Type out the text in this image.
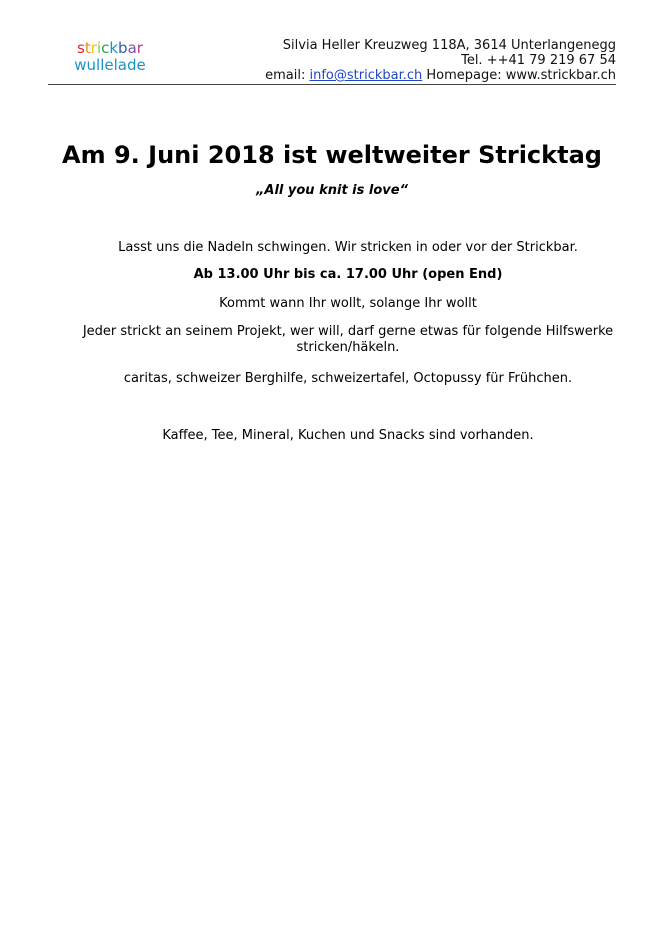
strickbar
wullelade
Silvia Heller Kreuzweg 118A, 3614 Unterlangenegg
Tel. ++41 79 219 67 54
email: info@strickbar.ch Homepage: www.strickbar.ch
Am 9. Juni 2018 ist weltweiter Stricktag
„All you knit is love“
Lasst uns die Nadeln schwingen. Wir stricken in oder vor der Strickbar.
Ab 13.00 Uhr bis ca. 17.00 Uhr (open End)
Kommt wann Ihr wollt, solange Ihr wollt
Jeder strickt an seinem Projekt, wer will, darf gerne etwas für folgende Hilfswerke stricken/häkeln.
caritas, schweizer Berghilfe, schweizertafel, Octopussy für Frühchen.
Kaffee, Tee, Mineral, Kuchen und Snacks sind vorhanden.
